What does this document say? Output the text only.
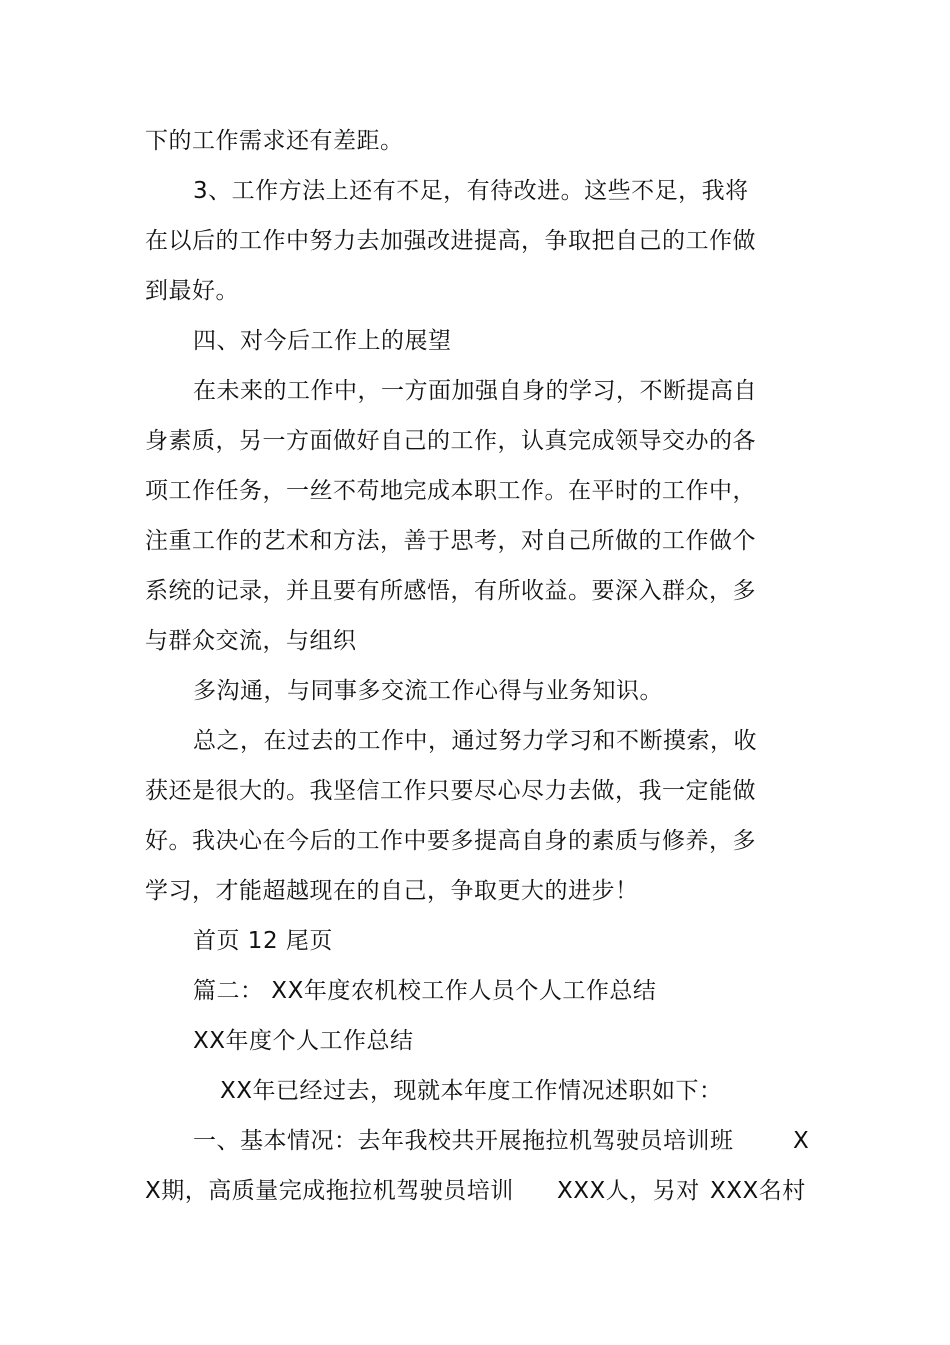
下的工作需求还有差距。
3、工作方法上还有不足，有待改进。这些不足，我将
在以后的工作中努力去加强改进提高，争取把自己的工作做
到最好。
四、对今后工作上的展望
在未来的工作中，一方面加强自身的学习，不断提高自
身素质，另一方面做好自己的工作，认真完成领导交办的各
项工作任务，一丝不苟地完成本职工作。在平时的工作中，
注重工作的艺术和方法，善于思考，对自己所做的工作做个
系统的记录，并且要有所感悟，有所收益。要深入群众，多
与群众交流，与组织
多沟通，与同事多交流工作心得与业务知识。
总之，在过去的工作中，通过努力学习和不断摸索，收
获还是很大的。我坚信工作只要尽心尽力去做，我一定能做
好。我决心在今后的工作中要多提高自身的素质与修养，多
学习，才能超越现在的自己，争取更大的进步！
首页 12 尾页
篇二： XX年度农机校工作人员个人工作总结
XX年度个人工作总结
XX年已经过去，现就本年度工作情况述职如下：
一、基本情况：去年我校共开展拖拉机驾驶员培训班	X
X期，高质量完成拖拉机驾驶员培训 XXX人，另对 XXX名村
